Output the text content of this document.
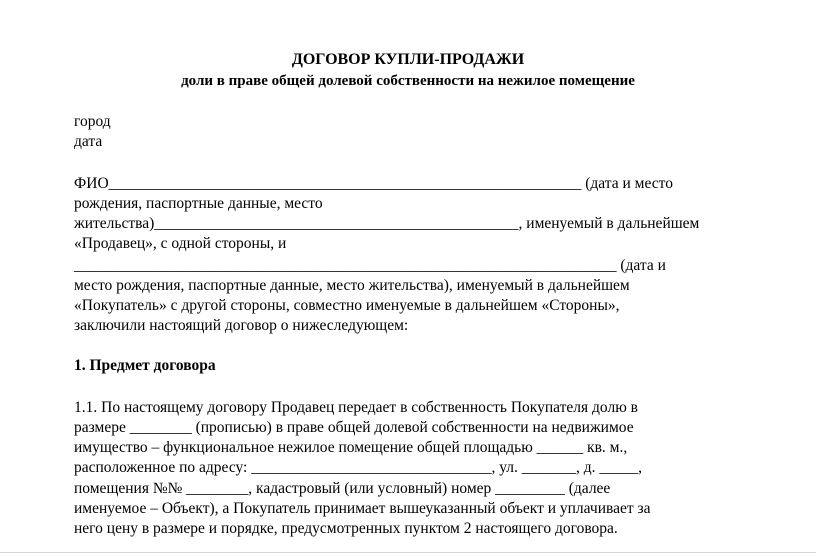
ДОГОВОР КУПЛИ-ПРОДАЖИ
доли в праве общей долевой собственности на нежилое помещение
город
дата
ФИО_____________________________________________________________ (дата и место
рождения, паспортные данные, место
жительства)_______________________________________________, именуемый в дальнейшем
«Продавец», с одной стороны, и
______________________________________________________________________ (дата и
место рождения, паспортные данные, место жительства), именуемый в дальнейшем
«Покупатель» с другой стороны, совместно именуемые в дальнейшем «Стороны»,
заключили настоящий договор о нижеследующем:
1. Предмет договора
1.1. По настоящему договору Продавец передает в собственность Покупателя долю в
размере ________ (прописью) в праве общей долевой собственности на недвижимое
имущество – функциональное нежилое помещение общей площадью ______ кв. м.,
расположенное по адресу: _______________________________, ул. _______, д. _____,
помещения №№ ________, кадастровый (или условный) номер _________ (далее
именуемое – Объект), а Покупатель принимает вышеуказанный объект и уплачивает за
него цену в размере и порядке, предусмотренных пунктом 2 настоящего договора.
